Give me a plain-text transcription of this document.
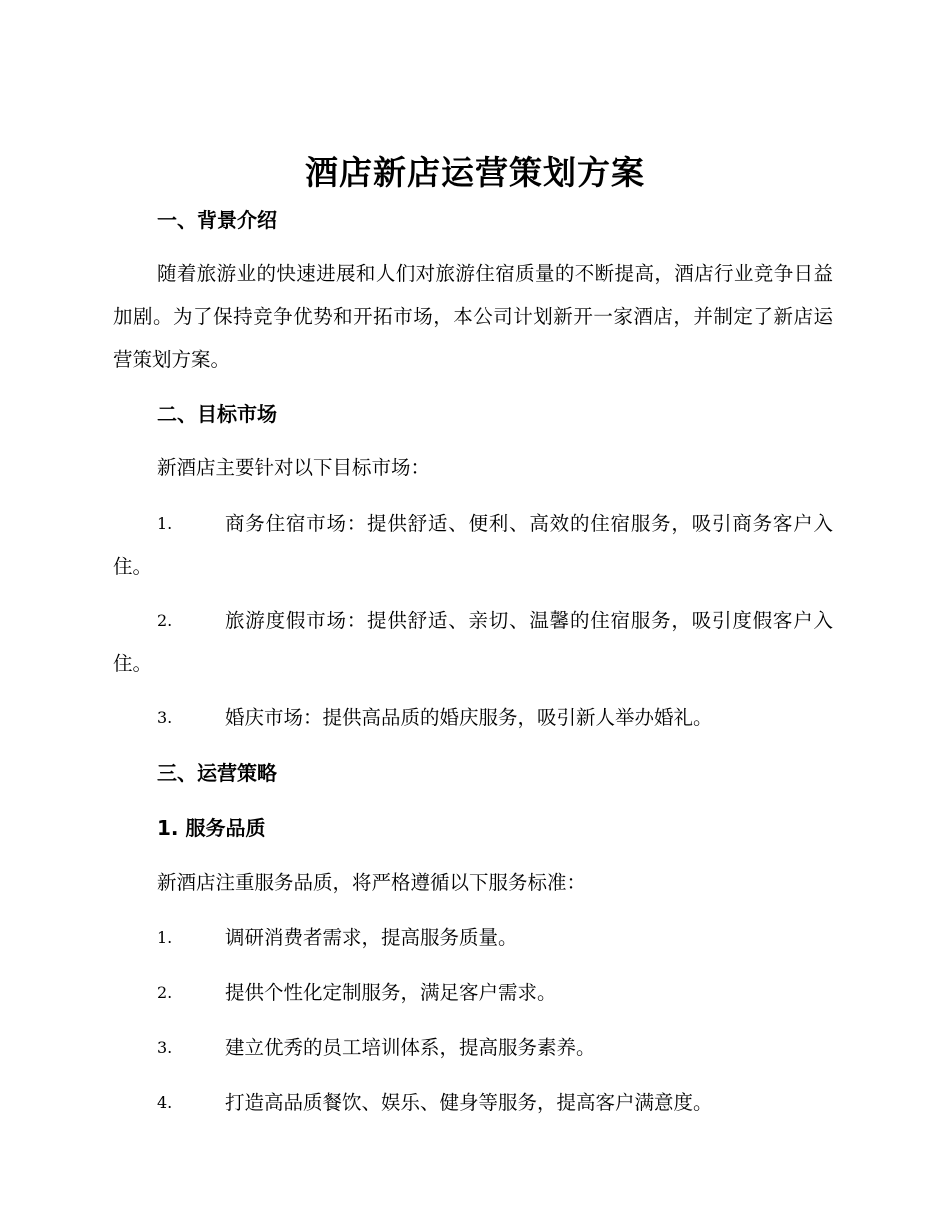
酒店新店运营策划方案
一、背景介绍
随着旅游业的快速进展和人们对旅游住宿质量的不断提高，酒店行业竞争日益加剧。为了保持竞争优势和开拓市场，本公司计划新开一家酒店，并制定了新店运营策划方案。
二、目标市场
新酒店主要针对以下目标市场：
1.	商务住宿市场：提供舒适、便利、高效的住宿服务，吸引商务客户入住。
2.	旅游度假市场：提供舒适、亲切、温馨的住宿服务，吸引度假客户入住。
3.	婚庆市场：提供高品质的婚庆服务，吸引新人举办婚礼。
三、运营策略
1. 服务品质
新酒店注重服务品质，将严格遵循以下服务标准：
1.	调研消费者需求，提高服务质量。
2.	提供个性化定制服务，满足客户需求。
3.	建立优秀的员工培训体系，提高服务素养。
4.	打造高品质餐饮、娱乐、健身等服务，提高客户满意度。
